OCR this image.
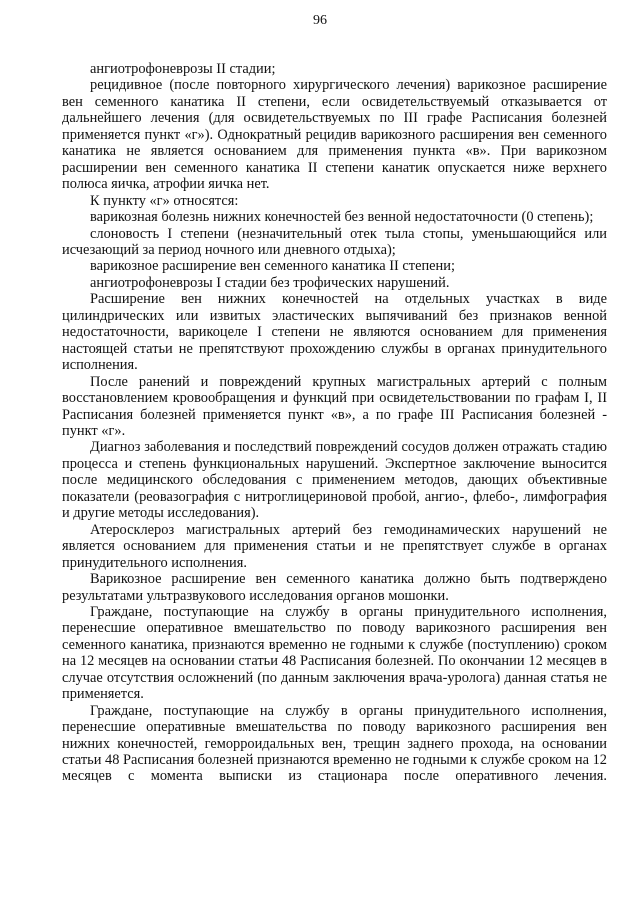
96

ангиотрофоневрозы II стадии;

рецидивное (после повторного хирургического лечения) варикозное расширение вен семенного канатика II степени, если освидетельствуемый отказывается от дальнейшего лечения (для освидетельствуемых по III графе Расписания болезней применяется пункт «г»). Однократный рецидив варикозного расширения вен семенного канатика не является основанием для применения пункта «в». При варикозном расширении вен семенного канатика II степени канатик опускается ниже верхнего полюса яичка, атрофии яичка нет.

К пункту «г» относятся:

варикозная болезнь нижних конечностей без венной недостаточности (0 степень);

слоновость I степени (незначительный отек тыла стопы, уменьшающийся или исчезающий за период ночного или дневного отдыха);

варикозное расширение вен семенного канатика II степени;

ангиотрофоневрозы I стадии без трофических нарушений.

Расширение вен нижних конечностей на отдельных участках в виде цилиндрических или извитых эластических выпячиваний без признаков венной недостаточности, варикоцеле I степени не являются основанием для применения настоящей статьи не препятствуют прохождению службы в органах принудительного исполнения.

После ранений и повреждений крупных магистральных артерий с полным восстановлением кровообращения и функций при освидетельствовании по графам I, II Расписания болезней применяется пункт «в», а по графе III Расписания болезней - пункт «г».

Диагноз заболевания и последствий повреждений сосудов должен отражать стадию процесса и степень функциональных нарушений. Экспертное заключение выносится после медицинского обследования с применением методов, дающих объективные показатели (реовазография с нитроглицериновой пробой, ангио-, флебо-, лимфография и другие методы исследования).

Атеросклероз магистральных артерий без гемодинамических нарушений не является основанием для применения статьи и не препятствует службе в органах принудительного исполнения.

Варикозное расширение вен семенного канатика должно быть подтверждено результатами ультразвукового исследования органов мошонки.

Граждане, поступающие на службу в органы принудительного исполнения, перенесшие оперативное вмешательство по поводу варикозного расширения вен семенного канатика, признаются временно не годными к службе (поступлению) сроком на 12 месяцев на основании статьи 48 Расписания болезней. По окончании 12 месяцев в случае отсутствия осложнений (по данным заключения врача-уролога) данная статья не применяется.

Граждане, поступающие на службу в органы принудительного исполнения, перенесшие оперативные вмешательства по поводу варикозного расширения вен нижних конечностей, геморроидальных вен, трещин заднего прохода, на основании статьи 48 Расписания болезней признаются временно не годными к службе сроком на 12 месяцев с момента выписки из стационара после оперативного лечения.
